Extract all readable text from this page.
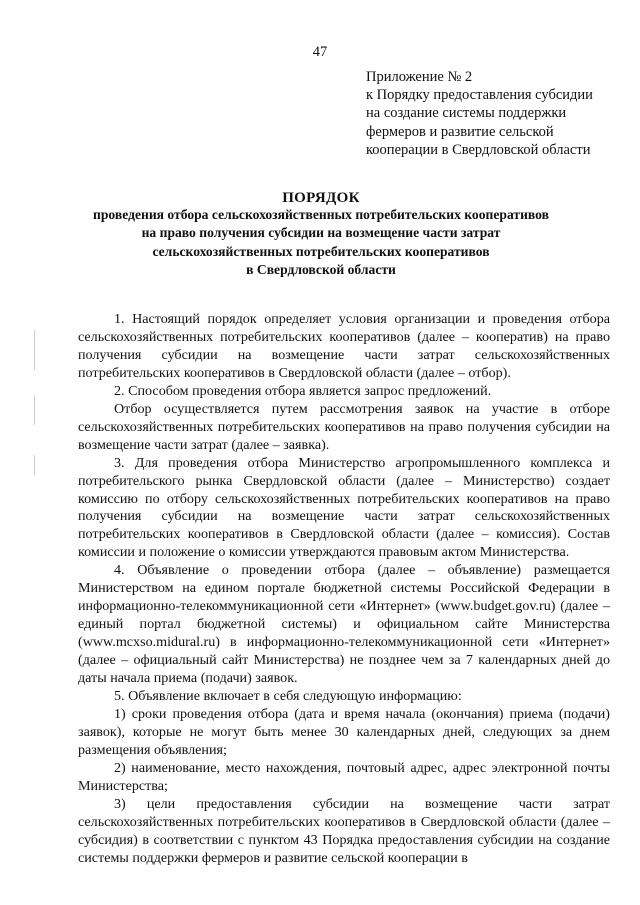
47
Приложение № 2
к Порядку предоставления субсидии
на создание системы поддержки
фермеров и развитие сельской
кооперации в Свердловской области
ПОРЯДОК
проведения отбора сельскохозяйственных потребительских кооперативов
на право получения субсидии на возмещение части затрат
сельскохозяйственных потребительских кооперативов
в Свердловской области

1. Настоящий порядок определяет условия организации и проведения отбора сельскохозяйственных потребительских кооперативов (далее – кооператив) на право получения субсидии на возмещение части затрат сельскохозяйственных потребительских кооперативов в Свердловской области (далее – отбор).

2. Способом проведения отбора является запрос предложений.

Отбор осуществляется путем рассмотрения заявок на участие в отборе сельскохозяйственных потребительских кооперативов на право получения субсидии на возмещение части затрат (далее – заявка).

3. Для проведения отбора Министерство агропромышленного комплекса и потребительского рынка Свердловской области (далее – Министерство) создает комиссию по отбору сельскохозяйственных потребительских кооперативов на право получения субсидии на возмещение части затрат сельскохозяйственных потребительских кооперативов в Свердловской области (далее – комиссия). Состав комиссии и положение о комиссии утверждаются правовым актом Министерства.

4. Объявление о проведении отбора (далее – объявление) размещается Министерством на едином портале бюджетной системы Российской Федерации в информационно-телекоммуникационной сети «Интернет» (www.budget.gov.ru) (далее – единый портал бюджетной системы) и официальном сайте Министерства (www.mcxso.midural.ru) в информационно-телекоммуникационной сети «Интернет» (далее – официальный сайт Министерства) не позднее чем за 7 календарных дней до даты начала приема (подачи) заявок.

5. Объявление включает в себя следующую информацию:

1) сроки проведения отбора (дата и время начала (окончания) приема (подачи) заявок), которые не могут быть менее 30 календарных дней, следующих за днем размещения объявления;

2) наименование, место нахождения, почтовый адрес, адрес электронной почты Министерства;

3) цели предоставления субсидии на возмещение части затрат сельскохозяйственных потребительских кооперативов в Свердловской области (далее – субсидия) в соответствии с пунктом 43 Порядка предоставления субсидии на создание системы поддержки фермеров и развитие сельской кооперации в
